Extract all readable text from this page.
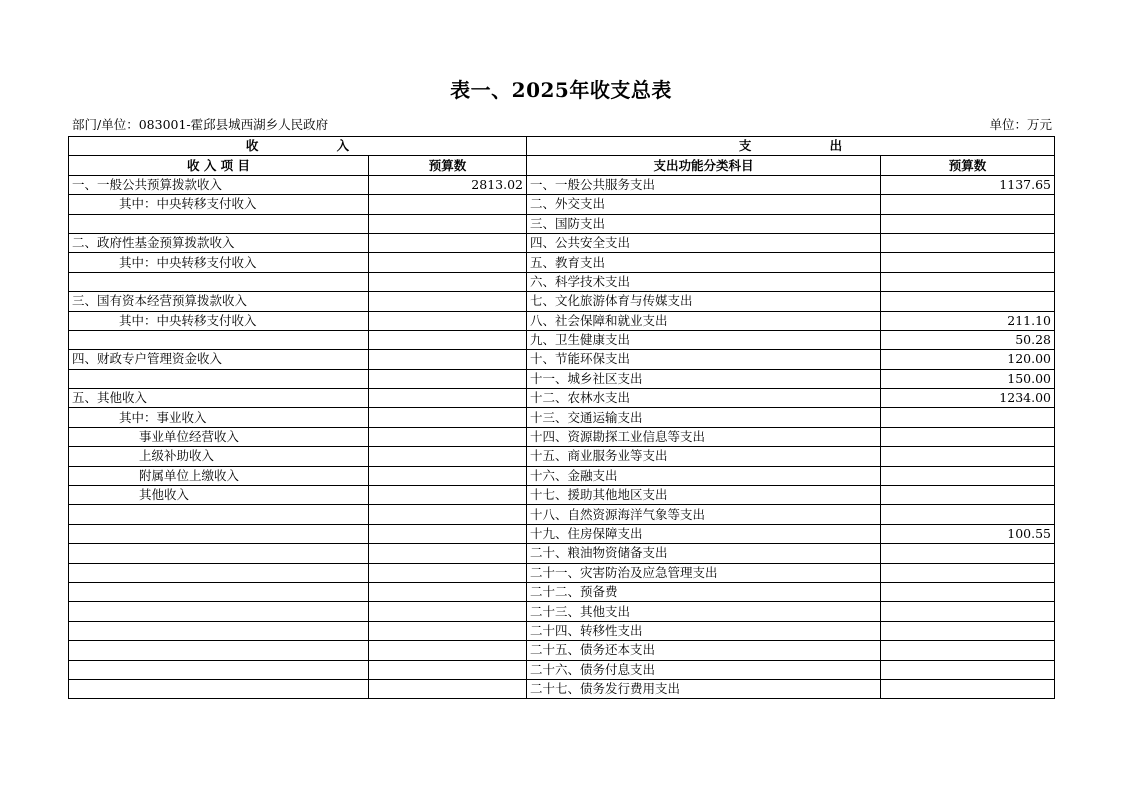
表一、2025年收支总表
部门/单位：083001-霍邱县城西湖乡人民政府	单位：万元
收                  入		支                  出	
收 入 项 目	预算数	支出功能分类科目	预算数
一、一般公共预算拨款收入	2813.02	一、一般公共服务支出	1137.65
其中：中央转移支付收入		二、外交支出	
		三、国防支出	
二、政府性基金预算拨款收入		四、公共安全支出	
其中：中央转移支付收入		五、教育支出	
		六、科学技术支出	
三、国有资本经营预算拨款收入		七、文化旅游体育与传媒支出	
其中：中央转移支付收入		八、社会保障和就业支出	211.10
		九、卫生健康支出	50.28
四、财政专户管理资金收入		十、节能环保支出	120.00
		十一、城乡社区支出	150.00
五、其他收入		十二、农林水支出	1234.00
其中：事业收入		十三、交通运输支出	
事业单位经营收入		十四、资源勘探工业信息等支出	
上级补助收入		十五、商业服务业等支出	
附属单位上缴收入		十六、金融支出	
其他收入		十七、援助其他地区支出	
		十八、自然资源海洋气象等支出	
		十九、住房保障支出	100.55
		二十、粮油物资储备支出	
		二十一、灾害防治及应急管理支出	
		二十二、预备费	
		二十三、其他支出	
		二十四、转移性支出	
		二十五、债务还本支出	
		二十六、债务付息支出	
		二十七、债务发行费用支出	
